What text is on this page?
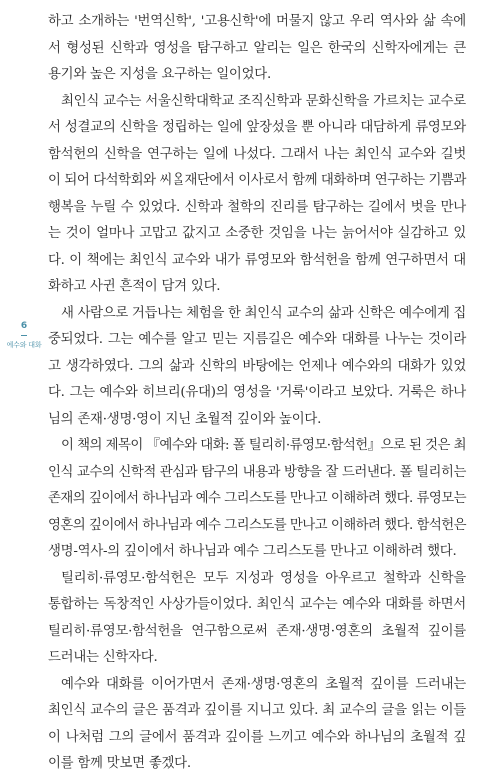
6
예수와 대화
하고 소개하는 '번역신학', '고용신학'에 머물지 않고 우리 역사와 삶 속에
서 형성된 신학과 영성을 탐구하고 알리는 일은 한국의 신학자에게는 큰
용기와 높은 지성을 요구하는 일이었다.
최인식 교수는 서울신학대학교 조직신학과 문화신학을 가르치는 교수로
서 성결교의 신학을 정립하는 일에 앞장섰을 뿐 아니라 대담하게 류영모와
함석헌의 신학을 연구하는 일에 나섰다. 그래서 나는 최인식 교수와 길벗
이 되어 다석학회와 씨ᄋᆞᆯ재단에서 이사로서 함께 대화하며 연구하는 기쁨과
행복을 누릴 수 있었다. 신학과 철학의 진리를 탐구하는 길에서 벗을 만나
는 것이 얼마나 고맙고 값지고 소중한 것임을 나는 늙어서야 실감하고 있
다. 이 책에는 최인식 교수와 내가 류영모와 함석헌을 함께 연구하면서 대
화하고 사귄 흔적이 담겨 있다.
새 사람으로 거듭나는 체험을 한 최인식 교수의 삶과 신학은 예수에게 집
중되었다. 그는 예수를 알고 믿는 지름길은 예수와 대화를 나누는 것이라
고 생각하였다. 그의 삶과 신학의 바탕에는 언제나 예수와의 대화가 있었
다. 그는 예수와 히브리(유대)의 영성을 '거룩'이라고 보았다. 거룩은 하나
님의 존재·생명·영이 지닌 초월적 깊이와 높이다.
이 책의 제목이 『예수와 대화: 폴 틸리히·류영모·함석헌』으로 된 것은 최
인식 교수의 신학적 관심과 탐구의 내용과 방향을 잘 드러낸다. 폴 틸리히는
존재의 깊이에서 하나님과 예수 그리스도를 만나고 이해하려 했다. 류영모는
영혼의 깊이에서 하나님과 예수 그리스도를 만나고 이해하려 했다. 함석헌은
생명-역사-의 깊이에서 하나님과 예수 그리스도를 만나고 이해하려 했다.
틸리히·류영모·함석헌은 모두 지성과 영성을 아우르고 철학과 신학을
통합하는 독창적인 사상가들이었다. 최인식 교수는 예수와 대화를 하면서
틸리히·류영모·함석헌을 연구함으로써 존재·생명·영혼의 초월적 깊이를
드러내는 신학자다.
예수와 대화를 이어가면서 존재·생명·영혼의 초월적 깊이를 드러내는
최인식 교수의 글은 품격과 깊이를 지니고 있다. 최 교수의 글을 읽는 이들
이 나처럼 그의 글에서 품격과 깊이를 느끼고 예수와 하나님의 초월적 깊
이를 함께 맛보면 좋겠다.
